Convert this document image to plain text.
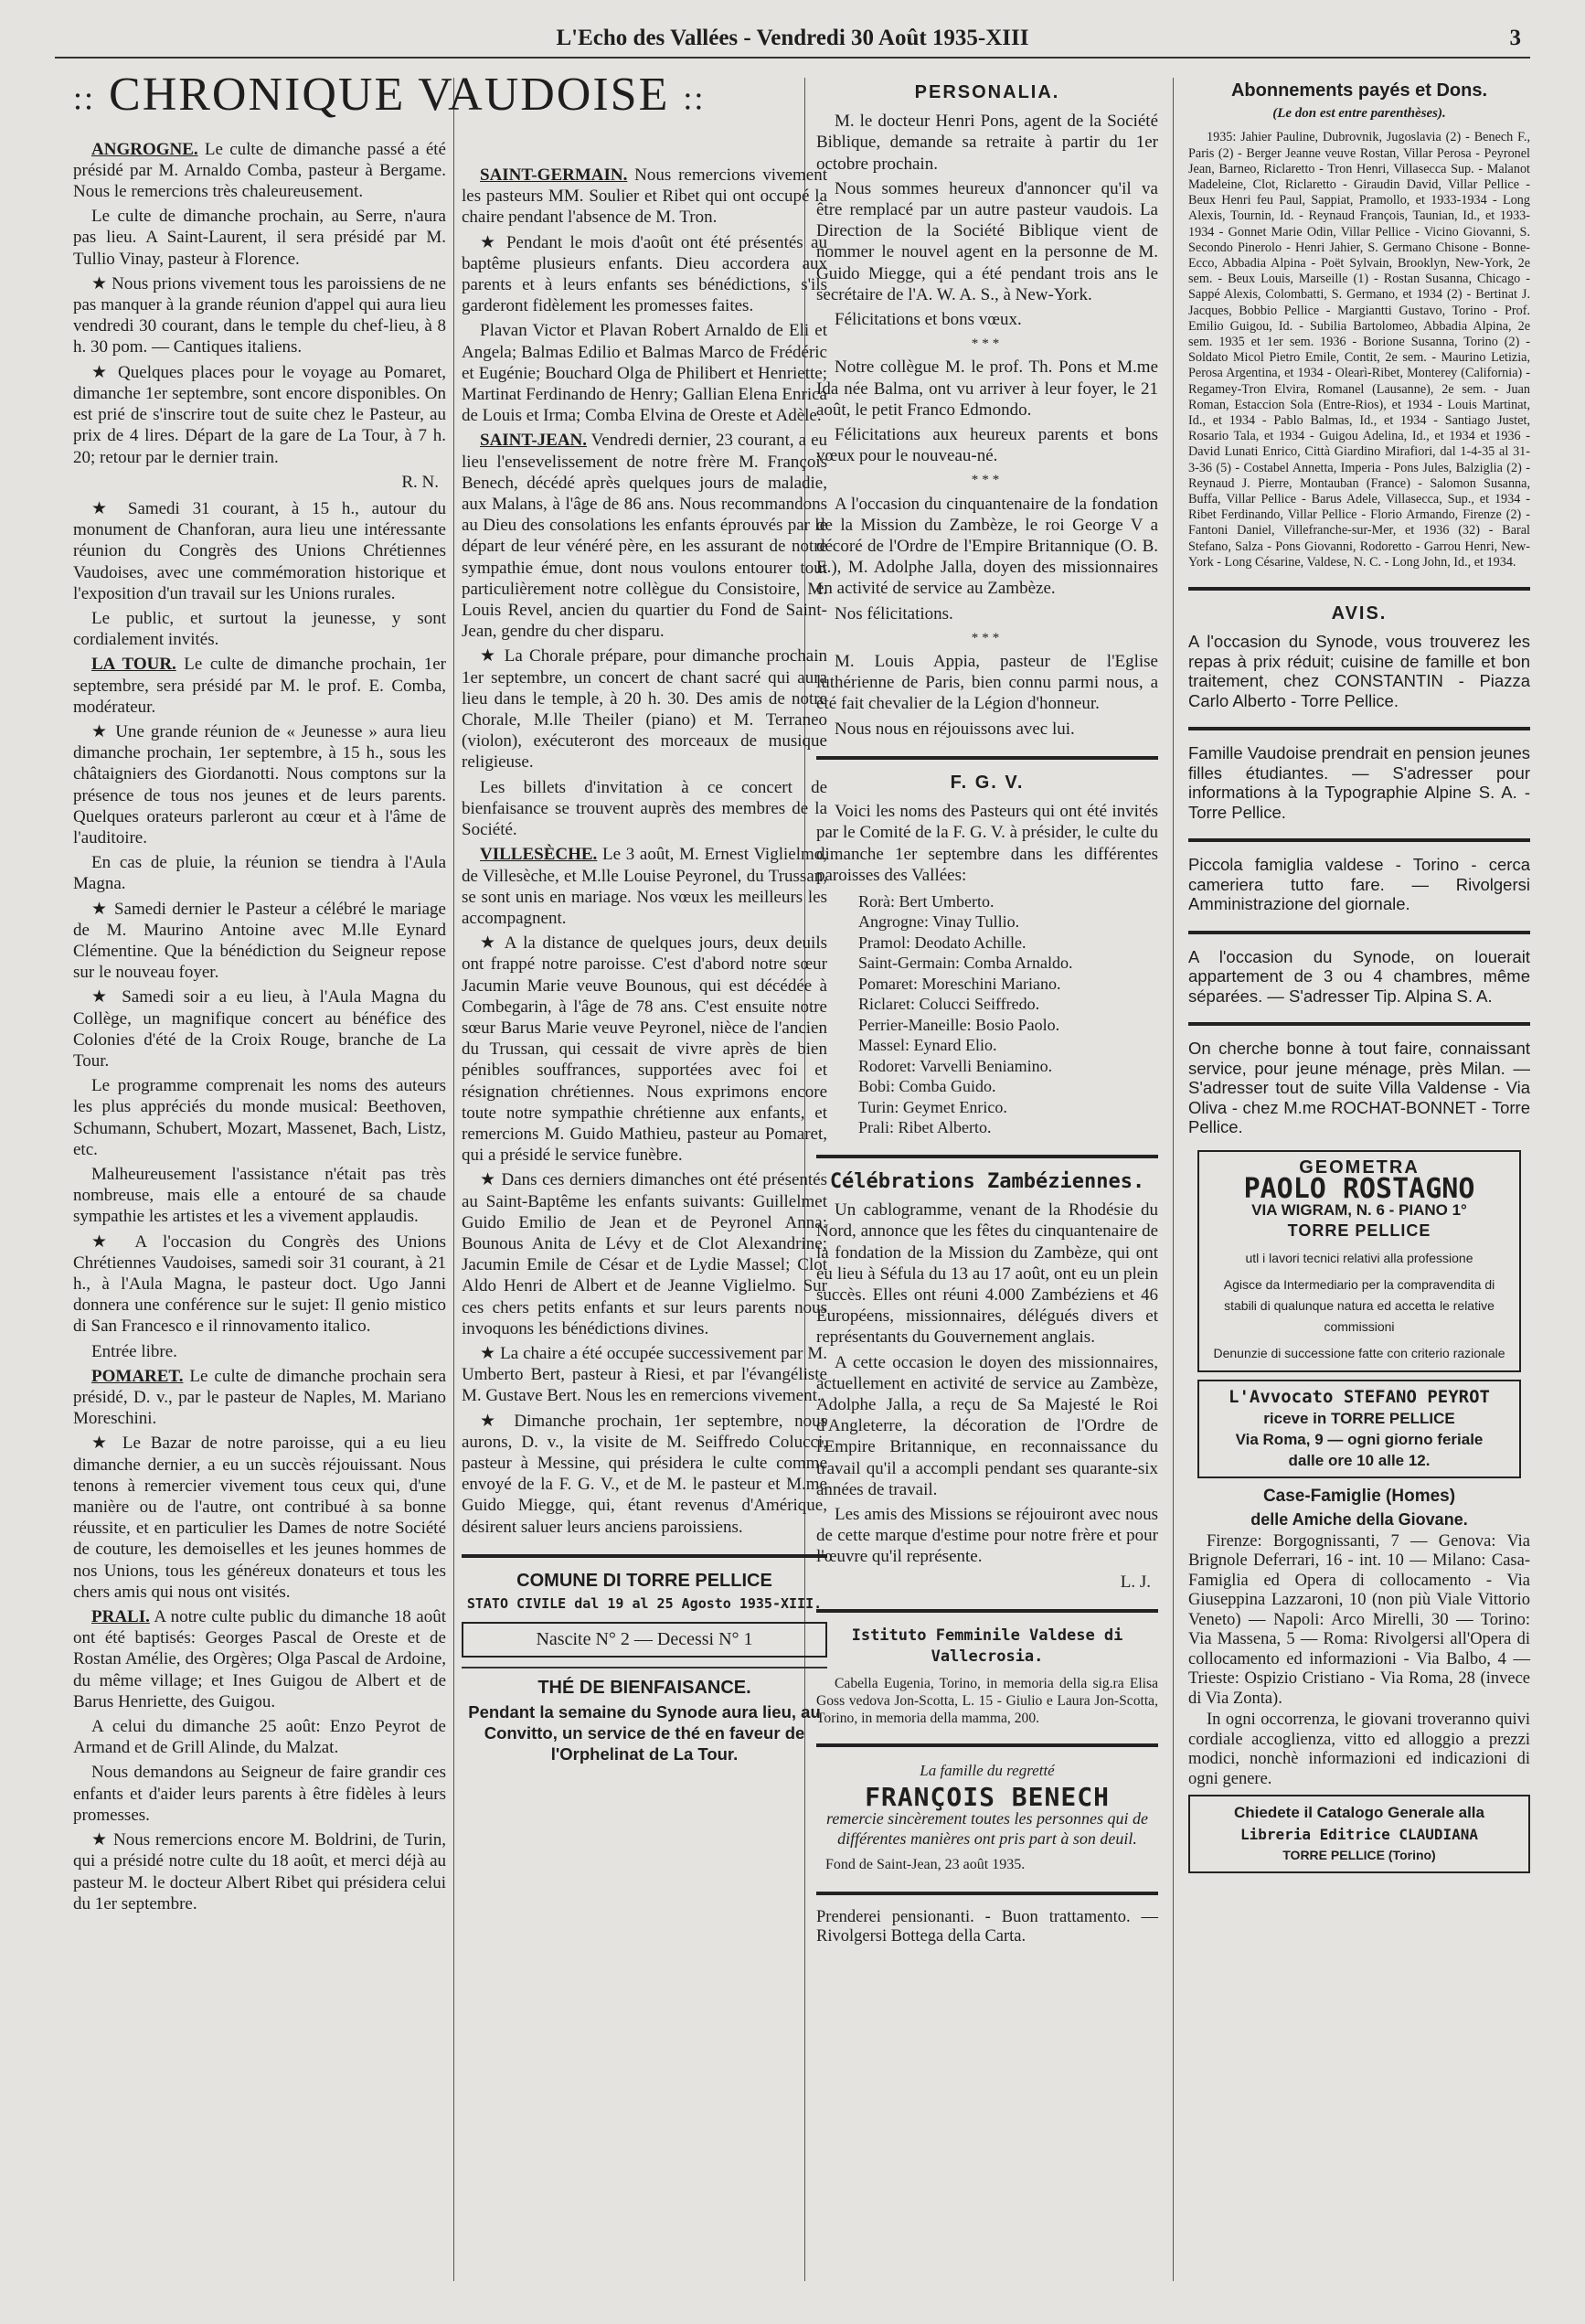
L'Echo des Vallées - Vendredi 30 Août 1935-XIII	3
:: CHRONIQUE VAUDOISE ::

ANGROGNE. Le culte de dimanche passé a été présidé par M. Arnaldo Comba, pasteur à Bergame. Nous le remercions très chaleureusement.

Le culte de dimanche prochain, au Serre, n'aura pas lieu. A Saint-Laurent, il sera présidé par M. Tullio Vinay, pasteur à Florence.

★ Nous prions vivement tous les paroissiens de ne pas manquer à la grande réunion d'appel qui aura lieu vendredi 30 courant, dans le temple du chef-lieu, à 8 h. 30 pom. — Cantiques italiens.

★ Quelques places pour le voyage au Pomaret, dimanche 1er septembre, sont encore disponibles. On est prié de s'inscrire tout de suite chez le Pasteur, au prix de 4 lires. Départ de la gare de La Tour, à 7 h. 20; retour par le dernier train.

R. N.

★ Samedi 31 courant, à 15 h., autour du monument de Chanforan, aura lieu une intéressante réunion du Congrès des Unions Chrétiennes Vaudoises, avec une commémoration historique et l'exposition d'un travail sur les Unions rurales.

Le public, et surtout la jeunesse, y sont cordialement invités.

LA TOUR. Le culte de dimanche prochain, 1er septembre, sera présidé par M. le prof. E. Comba, modérateur.

★ Une grande réunion de « Jeunesse » aura lieu dimanche prochain, 1er septembre, à 15 h., sous les châtaigniers des Giordanotti. Nous comptons sur la présence de tous nos jeunes et de leurs parents. Quelques orateurs parleront au cœur et à l'âme de l'auditoire.

En cas de pluie, la réunion se tiendra à l'Aula Magna.

★ Samedi dernier le Pasteur a célébré le mariage de M. Maurino Antoine avec M.lle Eynard Clémentine. Que la bénédiction du Seigneur repose sur le nouveau foyer.

★ Samedi soir a eu lieu, à l'Aula Magna du Collège, un magnifique concert au bénéfice des Colonies d'été de la Croix Rouge, branche de La Tour.

Le programme comprenait les noms des auteurs les plus appréciés du monde musical: Beethoven, Schumann, Schubert, Mozart, Massenet, Bach, Listz, etc.

Malheureusement l'assistance n'était pas très nombreuse, mais elle a entouré de sa chaude sympathie les artistes et les a vivement applaudis.

★ A l'occasion du Congrès des Unions Chrétiennes Vaudoises, samedi soir 31 courant, à 21 h., à l'Aula Magna, le pasteur doct. Ugo Janni donnera une conférence sur le sujet: Il genio mistico di San Francesco e il rinnovamento italico.

Entrée libre.

POMARET. Le culte de dimanche prochain sera présidé, D. v., par le pasteur de Naples, M. Mariano Moreschini.

★ Le Bazar de notre paroisse, qui a eu lieu dimanche dernier, a eu un succès réjouissant. Nous tenons à remercier vivement tous ceux qui, d'une manière ou de l'autre, ont contribué à sa bonne réussite, et en particulier les Dames de notre Société de couture, les demoiselles et les jeunes hommes de nos Unions, tous les généreux donateurs et tous les chers amis qui nous ont visités.

PRALI. A notre culte public du dimanche 18 août ont été baptisés: Georges Pascal de Oreste et de Rostan Amélie, des Orgères; Olga Pascal de Ardoine, du même village; et Ines Guigou de Albert et de Barus Henriette, des Guigou.

A celui du dimanche 25 août: Enzo Peyrot de Armand et de Grill Alinde, du Malzat.

Nous demandons au Seigneur de faire grandir ces enfants et d'aider leurs parents à être fidèles à leurs promesses.

★ Nous remercions encore M. Boldrini, de Turin, qui a présidé notre culte du 18 août, et merci déjà au pasteur M. le docteur Albert Ribet qui présidera celui du 1er septembre.

SAINT-GERMAIN. Nous remercions vivement les pasteurs MM. Soulier et Ribet qui ont occupé la chaire pendant l'absence de M. Tron.

★ Pendant le mois d'août ont été présentés au baptême plusieurs enfants. Dieu accordera aux parents et à leurs enfants ses bénédictions, s'ils garderont fidèlement les promesses faites.

Plavan Victor et Plavan Robert Arnaldo de Eli et Angela; Balmas Edilio et Balmas Marco de Frédéric et Eugénie; Bouchard Olga de Philibert et Henriette; Martinat Ferdinando de Henry; Gallian Elena Enrica de Louis et Irma; Comba Elvina de Oreste et Adèle.

SAINT-JEAN. Vendredi dernier, 23 courant, a eu lieu l'ensevelissement de notre frère M. François Benech, décédé après quelques jours de maladie, aux Malans, à l'âge de 86 ans. Nous recommandons au Dieu des consolations les enfants éprouvés par le départ de leur vénéré père, en les assurant de notre sympathie émue, dont nous voulons entourer tout particulièrement notre collègue du Consistoire, M. Louis Revel, ancien du quartier du Fond de Saint-Jean, gendre du cher disparu.

★ La Chorale prépare, pour dimanche prochain 1er septembre, un concert de chant sacré qui aura lieu dans le temple, à 20 h. 30. Des amis de notre Chorale, M.lle Theiler (piano) et M. Terraneo (violon), exécuteront des morceaux de musique religieuse.

Les billets d'invitation à ce concert de bienfaisance se trouvent auprès des membres de la Société.

VILLESÈCHE. Le 3 août, M. Ernest Viglielmo, de Villesèche, et M.lle Louise Peyronel, du Trussan, se sont unis en mariage. Nos vœux les meilleurs les accompagnent.

★ A la distance de quelques jours, deux deuils ont frappé notre paroisse. C'est d'abord notre sœur Jacumin Marie veuve Bounous, qui est décédée à Combegarin, à l'âge de 78 ans. C'est ensuite notre sœur Barus Marie veuve Peyronel, nièce de l'ancien du Trussan, qui cessait de vivre après de bien pénibles souffrances, supportées avec foi et résignation chrétiennes. Nous exprimons encore toute notre sympathie chrétienne aux enfants, et remercions M. Guido Mathieu, pasteur au Pomaret, qui a présidé le service funèbre.

★ Dans ces derniers dimanches ont été présentés au Saint-Baptême les enfants suivants: Guillelmet Guido Emilio de Jean et de Peyronel Anna: Bounous Anita de Lévy et de Clot Alexandrine; Jacumin Emile de César et de Lydie Massel; Clot Aldo Henri de Albert et de Jeanne Viglielmo. Sur ces chers petits enfants et sur leurs parents nous invoquons les bénédictions divines.

★ La chaire a été occupée successivement par M. Umberto Bert, pasteur à Riesi, et par l'évangéliste M. Gustave Bert. Nous les en remercions vivement.

★ Dimanche prochain, 1er septembre, nous aurons, D. v., la visite de M. Seiffredo Colucci, pasteur à Messine, qui présidera le culte comme envoyé de la F. G. V., et de M. le pasteur et M.me Guido Miegge, qui, étant revenus d'Amérique, désirent saluer leurs anciens paroissiens.

COMUNE DI TORRE PELLICE
STATO CIVILE dal 19 al 25 Agosto 1935-XIII.
Nascite N° 2 — Decessi N° 1
THÉ DE BIENFAISANCE.
Pendant la semaine du Synode aura lieu, au Convitto, un service de thé en faveur de l'Orphelinat de La Tour.
PERSONALIA.

M. le docteur Henri Pons, agent de la Société Biblique, demande sa retraite à partir du 1er octobre prochain.

Nous sommes heureux d'annoncer qu'il va être remplacé par un autre pasteur vaudois. La Direction de la Société Biblique vient de nommer le nouvel agent en la personne de M. Guido Miegge, qui a été pendant trois ans le secrétaire de l'A. W. A. S., à New-York.

Félicitations et bons vœux.

***

Notre collègue M. le prof. Th. Pons et M.me Ida née Balma, ont vu arriver à leur foyer, le 21 août, le petit Franco Edmondo.

Félicitations aux heureux parents et bons vœux pour le nouveau-né.

***

A l'occasion du cinquantenaire de la fondation de la Mission du Zambèze, le roi George V a décoré de l'Ordre de l'Empire Britannique (O. B. E.), M. Adolphe Jalla, doyen des missionnaires en activité de service au Zambèze.

Nos félicitations.

***

M. Louis Appia, pasteur de l'Eglise luthérienne de Paris, bien connu parmi nous, a été fait chevalier de la Légion d'honneur.

Nous nous en réjouissons avec lui.

F. G. V.

Voici les noms des Pasteurs qui ont été invités par le Comité de la F. G. V. à présider, le culte du dimanche 1er septembre dans les différentes paroisses des Vallées:

Rorà: Bert Umberto.
Angrogne: Vinay Tullio.
Pramol: Deodato Achille.
Saint-Germain: Comba Arnaldo.
Pomaret: Moreschini Mariano.
Riclaret: Colucci Seiffredo.
Perrier-Maneille: Bosio Paolo.
Massel: Eynard Elio.
Rodoret: Varvelli Beniamino.
Bobi: Comba Guido.
Turin: Geymet Enrico.
Prali: Ribet Alberto.
Célébrations Zambéziennes.

Un cablogramme, venant de la Rhodésie du Nord, annonce que les fêtes du cinquantenaire de la fondation de la Mission du Zambèze, qui ont eu lieu à Séfula du 13 au 17 août, ont eu un plein succès. Elles ont réuni 4.000 Zambéziens et 46 Européens, missionnaires, délégués divers et représentants du Gouvernement anglais.

A cette occasion le doyen des missionnaires, actuellement en activité de service au Zambèze, Adolphe Jalla, a reçu de Sa Majesté le Roi d'Angleterre, la décoration de l'Ordre de l'Empire Britannique, en reconnaissance du travail qu'il a accompli pendant ses quarante-six années de travail.

Les amis des Missions se réjouiront avec nous de cette marque d'estime pour notre frère et pour l'œuvre qu'il représente.

L. J.
Istituto Femminile Valdese di Vallecrosia.

Cabella Eugenia, Torino, in memoria della sig.ra Elisa Goss vedova Jon-Scotta, L. 15 - Giulio e Laura Jon-Scotta, Torino, in memoria della mamma, 200.

La famille du regretté
FRANÇOIS BENECH
remercie sincèrement toutes les personnes qui de différentes manières ont pris part à son deuil.
Fond de Saint-Jean, 23 août 1935.
Prenderei pensionanti. - Buon trattamento. — Rivolgersi Bottega della Carta.
Abonnements payés et Dons.
(Le don est entre parenthèses).

1935: Jahier Pauline, Dubrovnik, Jugoslavia (2) - Benech F., Paris (2) - Berger Jeanne veuve Rostan, Villar Perosa - Peyronel Jean, Barneo, Riclaretto - Tron Henri, Villasecca Sup. - Malanot Madeleine, Clot, Riclaretto - Giraudin David, Villar Pellice - Beux Henri feu Paul, Sappiat, Pramollo, et 1933-1934 - Long Alexis, Tournin, Id. - Reynaud François, Taunian, Id., et 1933-1934 - Gonnet Marie Odin, Villar Pellice - Vicino Giovanni, S. Secondo Pinerolo - Henri Jahier, S. Germano Chisone - Bonne-Ecco, Abbadia Alpina - Poët Sylvain, Brooklyn, New-York, 2e sem. - Beux Louis, Marseille (1) - Rostan Susanna, Chicago - Sappé Alexis, Colombatti, S. Germano, et 1934 (2) - Bertinat J. Jacques, Bobbio Pellice - Margiantti Gustavo, Torino - Prof. Emilio Guigou, Id. - Subilia Bartolomeo, Abbadia Alpina, 2e sem. 1935 et 1er sem. 1936 - Borione Susanna, Torino (2) - Soldato Micol Pietro Emile, Contit, 2e sem. - Maurino Letizia, Perosa Argentina, et 1934 - Olearì-Ribet, Monterey (California) - Regamey-Tron Elvira, Romanel (Lausanne), 2e sem. - Juan Roman, Estaccion Sola (Entre-Rios), et 1934 - Louis Martinat, Id., et 1934 - Pablo Balmas, Id., et 1934 - Santiago Justet, Rosario Tala, et 1934 - Guigou Adelina, Id., et 1934 et 1936 - David Lunati Enrico, Città Giardino Mirafiori, dal 1-4-35 al 31-3-36 (5) - Costabel Annetta, Imperia - Pons Jules, Balziglia (2) - Reynaud J. Pierre, Montauban (France) - Salomon Susanna, Buffa, Villar Pellice - Barus Adele, Villasecca, Sup., et 1934 - Ribet Ferdinando, Villar Pellice - Florio Armando, Firenze (2) - Fantoni Daniel, Villefranche-sur-Mer, et 1936 (32) - Baral Stefano, Salza - Pons Giovanni, Rodoretto - Garrou Henri, New-York - Long Césarine, Valdese, N. C. - Long John, Id., et 1934.

AVIS.
A l'occasion du Synode, vous trouverez les repas à prix réduit; cuisine de famille et bon traitement, chez CONSTANTIN - Piazza Carlo Alberto - Torre Pellice.
Famille Vaudoise prendrait en pension jeunes filles étudiantes. — S'adresser pour informations à la Typographie Alpine S. A. - Torre Pellice.
Piccola famiglia valdese - Torino - cerca cameriera tutto fare. — Rivolgersi Amministrazione del giornale.
A l'occasion du Synode, on louerait appartement de 3 ou 4 chambres, même séparées. — S'adresser Tip. Alpina S. A.
On cherche bonne à tout faire, connaissant service, pour jeune ménage, près Milan. — S'adresser tout de suite Villa Valdense - Via Oliva - chez M.me ROCHAT-BONNET - Torre Pellice.
GEOMETRA
PAOLO ROSTAGNO
VIA WIGRAM, N. 6 - PIANO 1°
TORRE PELLICE
utl i lavori tecnici relativi alla professione
Agisce da Intermediario per la compravendita di stabili di qualunque natura ed accetta le relative commissioni
Denunzie di successione fatte con criterio razionale
L'Avvocato STEFANO PEYROT
riceve in TORRE PELLICE
Via Roma, 9 — ogni giorno feriale
dalle ore 10 alle 12.
Case-Famiglie (Homes)
delle Amiche della Giovane.

Firenze: Borgognissanti, 7 — Genova: Via Brignole Deferrari, 16 - int. 10 — Milano: Casa-Famiglia ed Opera di collocamento - Via Giuseppina Lazzaroni, 10 (non più Viale Vittorio Veneto) — Napoli: Arco Mirelli, 30 — Torino: Via Massena, 5 — Roma: Rivolgersi all'Opera di collocamento ed informazioni - Via Balbo, 4 — Trieste: Ospizio Cristiano - Via Roma, 28 (invece di Via Zonta).

In ogni occorrenza, le giovani troveranno quivi cordiale accoglienza, vitto ed alloggio a prezzi modici, nonchè informazioni ed indicazioni di ogni genere.

Chiedete il Catalogo Generale alla
Libreria Editrice CLAUDIANA
TORRE PELLICE (Torino)
